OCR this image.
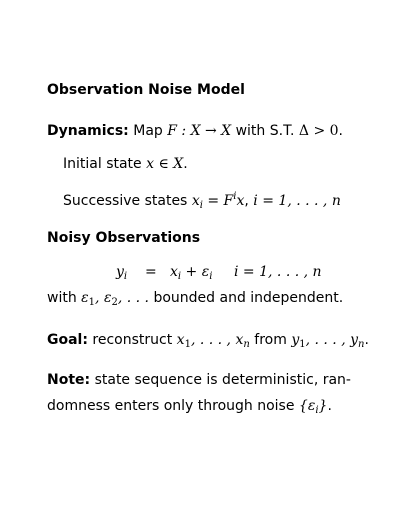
Observation Noise Model
Dynamics: Map F : X → X with S.T. Δ > 0.
Initial state x ∈ X.
Successive states $x_i = F^ix$, i = 1, . . . , n
Noisy Observations
$y_i = x_i + \varepsilon_i$ i = 1, . . . , n
with $\varepsilon_1$, $\varepsilon_2$, . . . bounded and independent.
Goal: reconstruct $x_1$, . . . , $x_n$ from $y_1$, . . . , $y_n$.
Note: state sequence is deterministic, ran-
domness enters only through noise $\{\varepsilon_i\}$.
